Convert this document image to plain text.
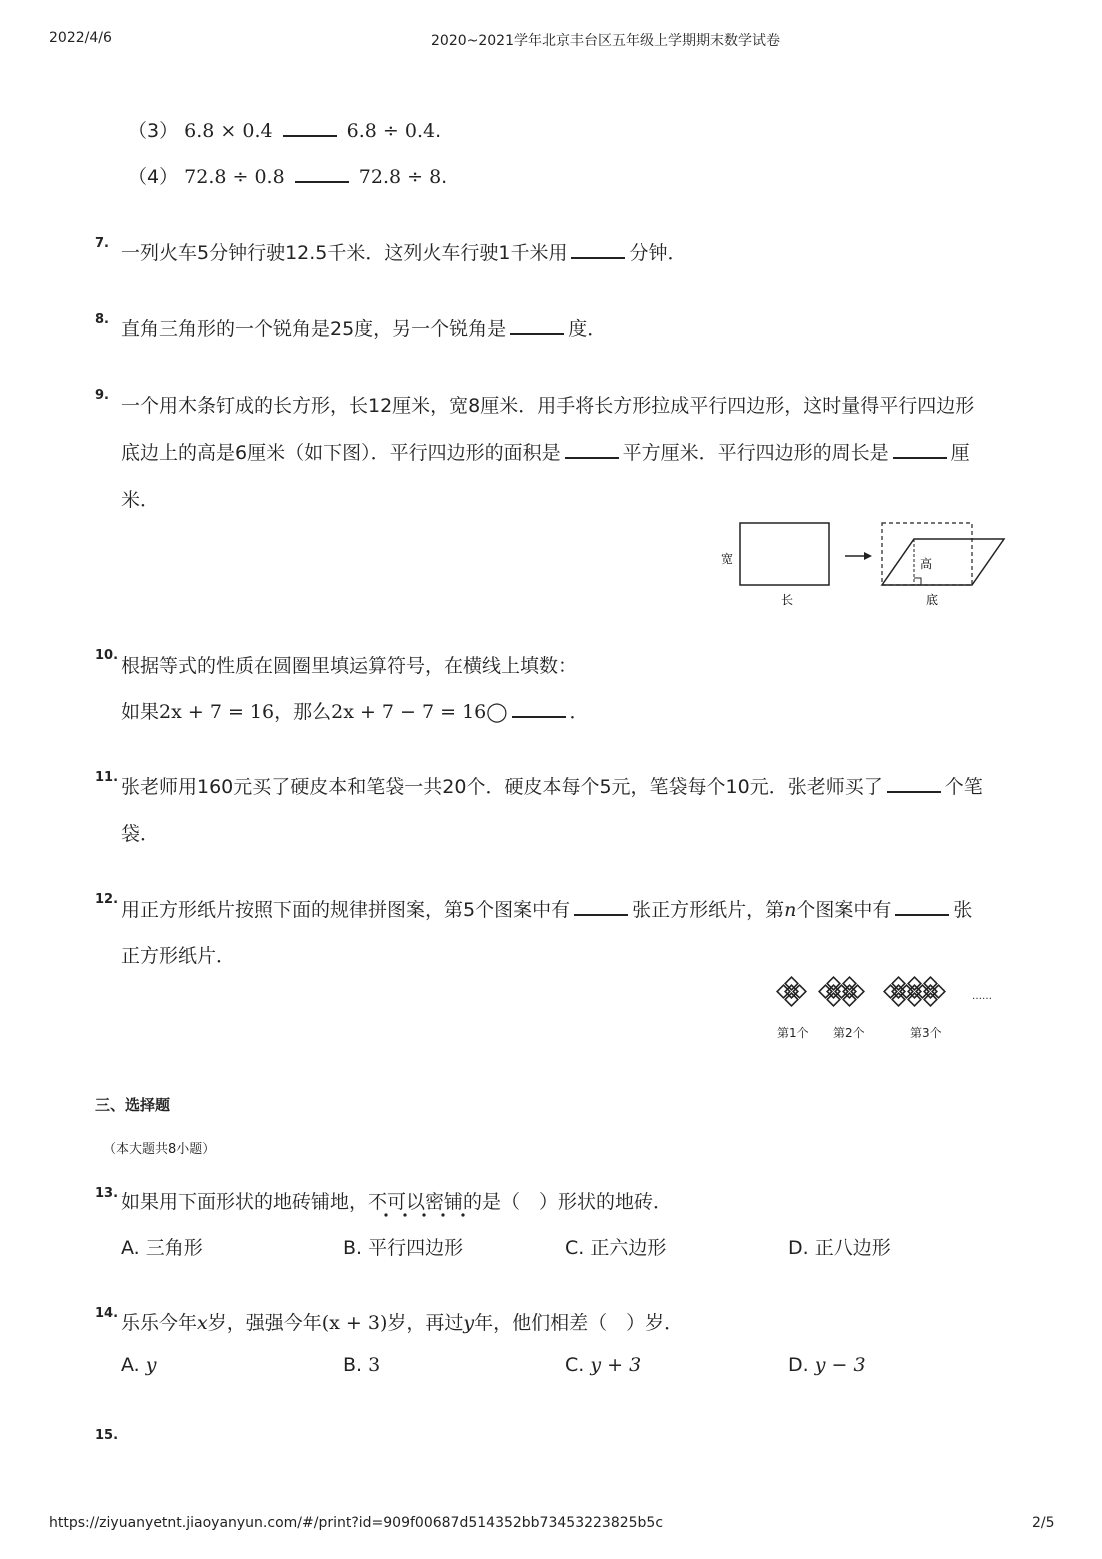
2022/4/6	2020~2021学年北京丰台区五年级上学期期末数学试卷
（3） 6.8 × 0.4	6.8 ÷ 0.4.
（4） 72.8 ÷ 0.8	72.8 ÷ 8.
7. 一列火车5分钟行驶12.5千米．这列火车行驶1千米用	分钟．
8. 直角三角形的一个锐角是25度，另一个锐角是	度．
9. 一个用木条钉成的长方形，长12厘米，宽8厘米．用手将长方形拉成平行四边形，这时量得平行四边形
底边上的高是6厘米（如下图）．平行四边形的面积是	平方厘米．平行四边形的周长是	厘
米．
宽
长
高
底
10. 根据等式的性质在圆圈里填运算符号，在横线上填数：
如果2x + 7 = 16，那么2x + 7 − 7 = 16◯	．
11. 张老师用160元买了硬皮本和笔袋一共20个．硬皮本每个5元，笔袋每个10元．张老师买了	个笔
袋．
12. 用正方形纸片按照下面的规律拼图案，第5个图案中有	张正方形纸片，第n个图案中有	张
正方形纸片．
……
第1个 第2个	第3个
三、选择题
（本大题共8小题）
13. 如果用下面形状的地砖铺地，不可以密铺的是（　）形状的地砖．
A. 三角形	B. 平行四边形	C. 正六边形	D. 正八边形
14. 乐乐今年x岁，强强今年(x + 3)岁，再过y年，他们相差（　）岁．
A. y	B. 3	C. y + 3	D. y − 3
15.
https://ziyuanyetnt.jiaoyanyun.com/#/print?id=909f00687d514352bb73453223825b5c	2/5
